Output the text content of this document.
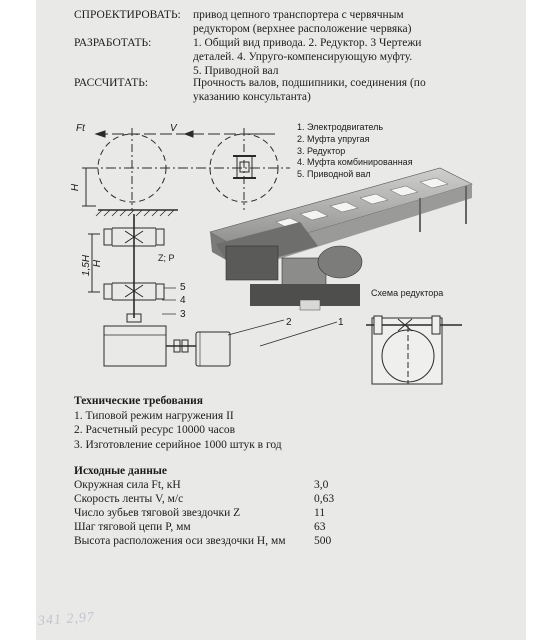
СПРОЕКТИРОВАТЬ:	привод цепного транспортера с червячным
редуктором (верхнее расположение червяка)
РАЗРАБОТАТЬ:	1. Общий вид привода. 2. Редуктор. 3 Чертежи
деталей. 4. Упруго-компенсирующую муфту.
5. Приводной вал
РАССЧИТАТЬ:	Прочность валов, подшипники, соединения (по
указанию консультанта)
Ft	V
H
1,5H H
Z; P
5
4
3
2	1
Схема редуктора
1. Электродвигатель
2. Муфта упругая
3. Редуктор
4. Муфта комбинированная
5. Приводной вал
Технические требования
1. Типовой режим нагружения II
2. Расчетный ресурс 10000 часов
3. Изготовление серийное 1000 штук в год
Исходные данные
Окружная сила Ft, кН	3,0
Скорость ленты V, м/с	0,63
Число зубьев тяговой звездочки Z	11
Шаг тяговой цепи P, мм	63
Высота расположения оси звездочки H, мм 500
341 2,97
